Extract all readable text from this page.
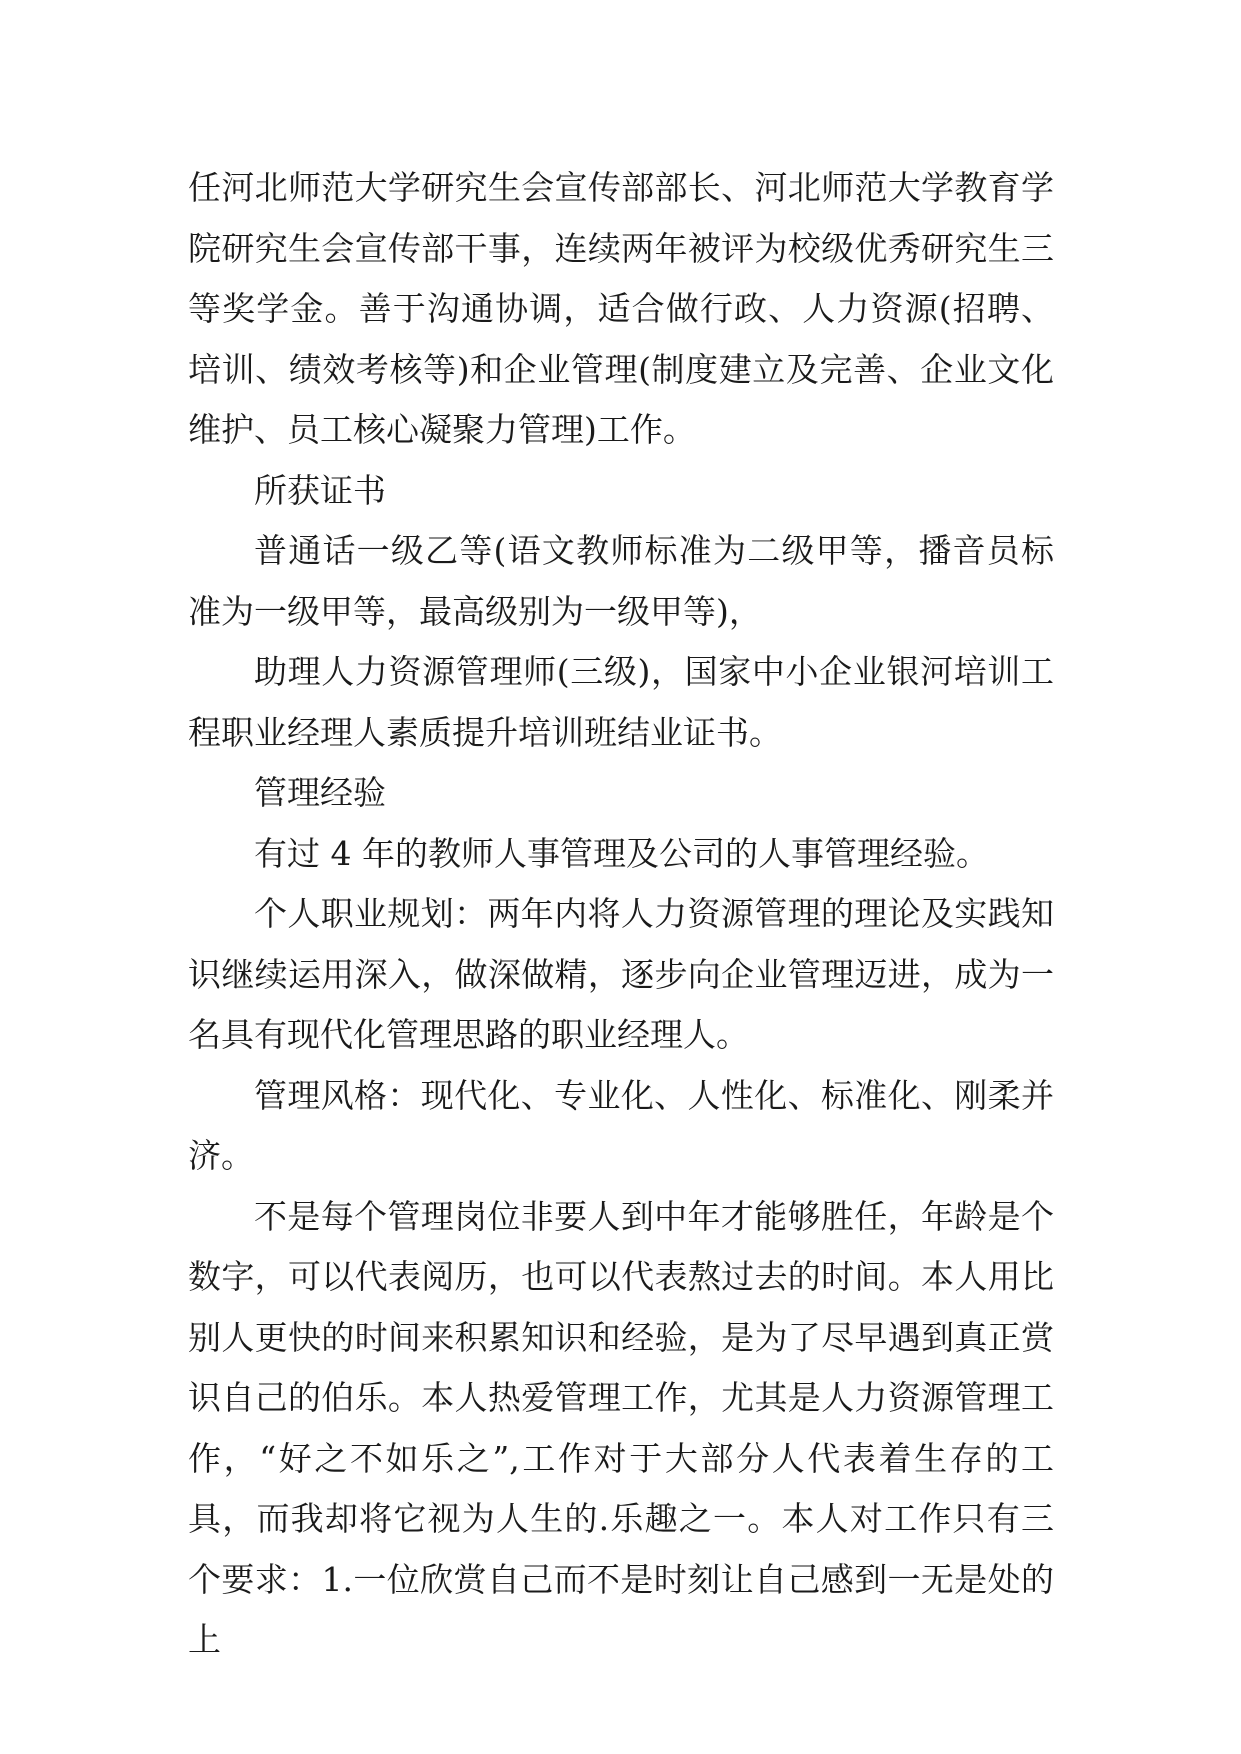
任河北师范大学研究生会宣传部部长、河北师范大学教育学院研究生会宣传部干事，连续两年被评为校级优秀研究生三等奖学金。善于沟通协调，适合做行政、人力资源(招聘、培训、绩效考核等)和企业管理(制度建立及完善、企业文化维护、员工核心凝聚力管理)工作。

所获证书

普通话一级乙等(语文教师标准为二级甲等，播音员标准为一级甲等，最高级别为一级甲等)，

助理人力资源管理师(三级)，国家中小企业银河培训工程职业经理人素质提升培训班结业证书。

管理经验

有过 4 年的教师人事管理及公司的人事管理经验。

个人职业规划：两年内将人力资源管理的理论及实践知识继续运用深入，做深做精，逐步向企业管理迈进，成为一名具有现代化管理思路的职业经理人。

管理风格：现代化、专业化、人性化、标准化、刚柔并济。

不是每个管理岗位非要人到中年才能够胜任，年龄是个数字，可以代表阅历，也可以代表熬过去的时间。本人用比别人更快的时间来积累知识和经验，是为了尽早遇到真正赏识自己的伯乐。本人热爱管理工作，尤其是人力资源管理工作，“好之不如乐之”,工作对于大部分人代表着生存的工具，而我却将它视为人生的.乐趣之一。本人对工作只有三个要求：1.一位欣赏自己而不是时刻让自己感到一无是处的上
